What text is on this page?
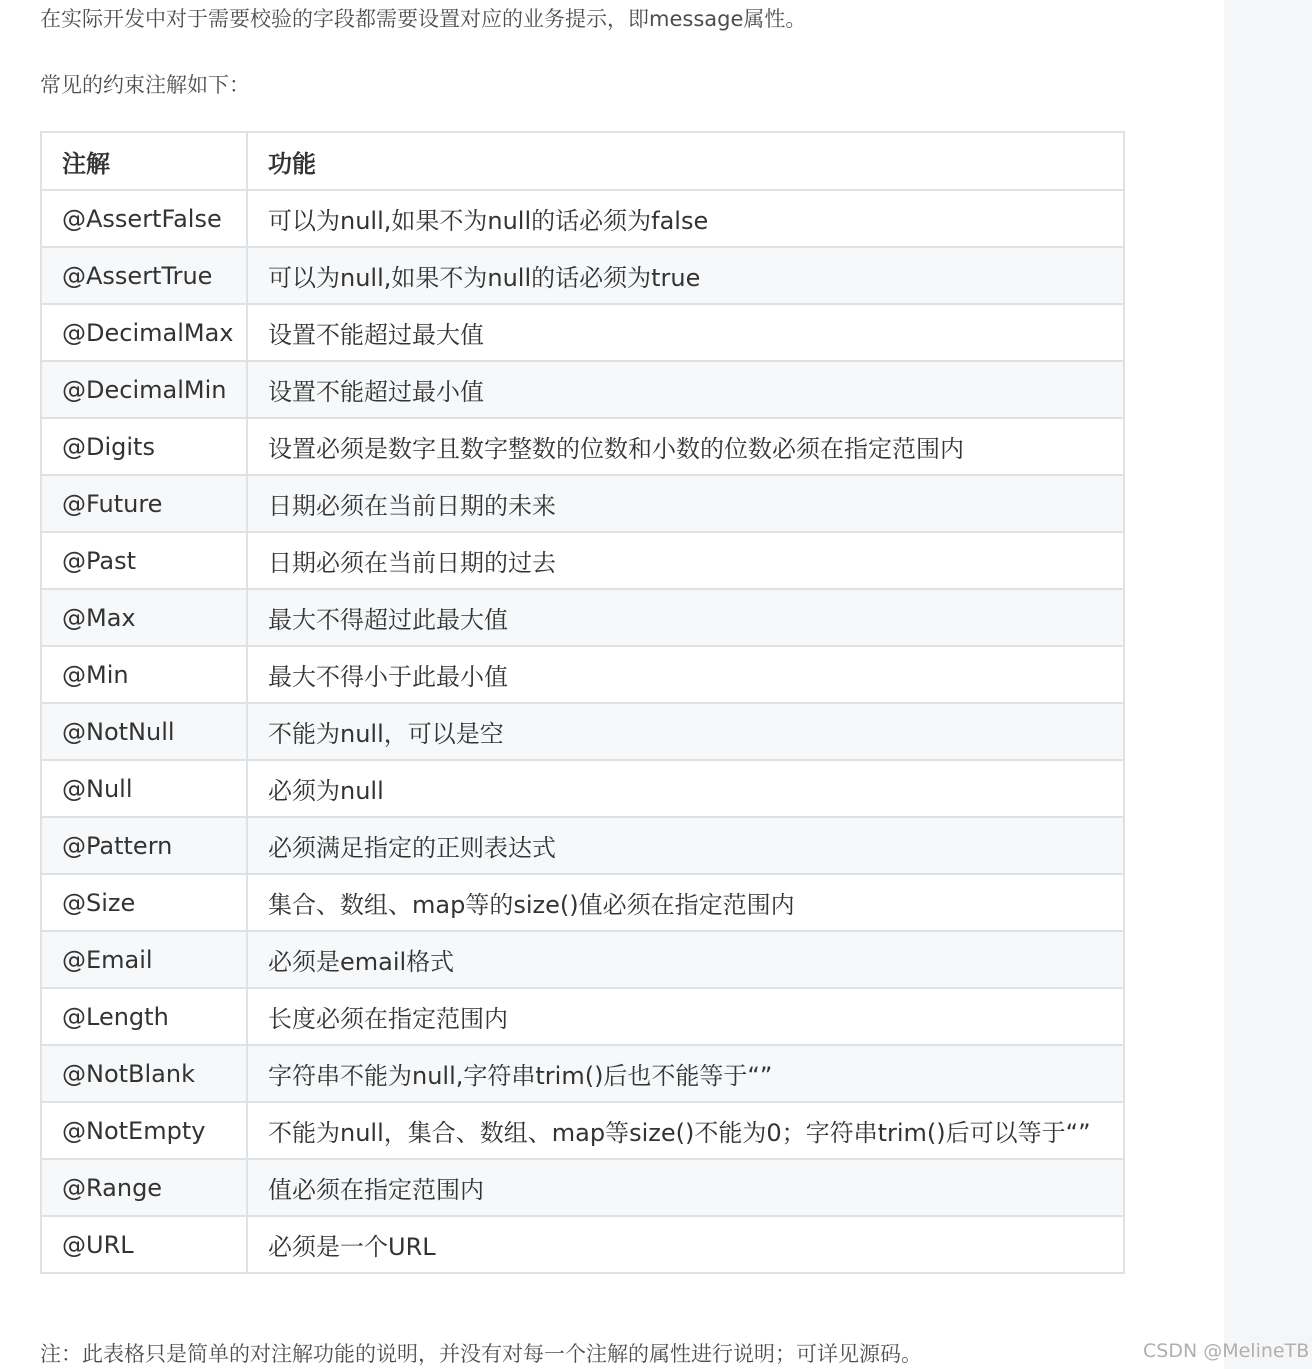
在实际开发中对于需要校验的字段都需要设置对应的业务提示，即message属性。

常见的约束注解如下：

注解	功能
@AssertFalse	可以为null,如果不为null的话必须为false
@AssertTrue	可以为null,如果不为null的话必须为true
@DecimalMax	设置不能超过最大值
@DecimalMin	设置不能超过最小值
@Digits	设置必须是数字且数字整数的位数和小数的位数必须在指定范围内
@Future	日期必须在当前日期的未来
@Past	日期必须在当前日期的过去
@Max	最大不得超过此最大值
@Min	最大不得小于此最小值
@NotNull	不能为null，可以是空
@Null	必须为null
@Pattern	必须满足指定的正则表达式
@Size	集合、数组、map等的size()值必须在指定范围内
@Email	必须是email格式
@Length	长度必须在指定范围内
@NotBlank	字符串不能为null,字符串trim()后也不能等于“”
@NotEmpty	不能为null，集合、数组、map等size()不能为0；字符串trim()后可以等于“”
@Range	值必须在指定范围内
@URL	必须是一个URL

注：此表格只是简单的对注解功能的说明，并没有对每一个注解的属性进行说明；可详见源码。	CSDN @MelineTB
